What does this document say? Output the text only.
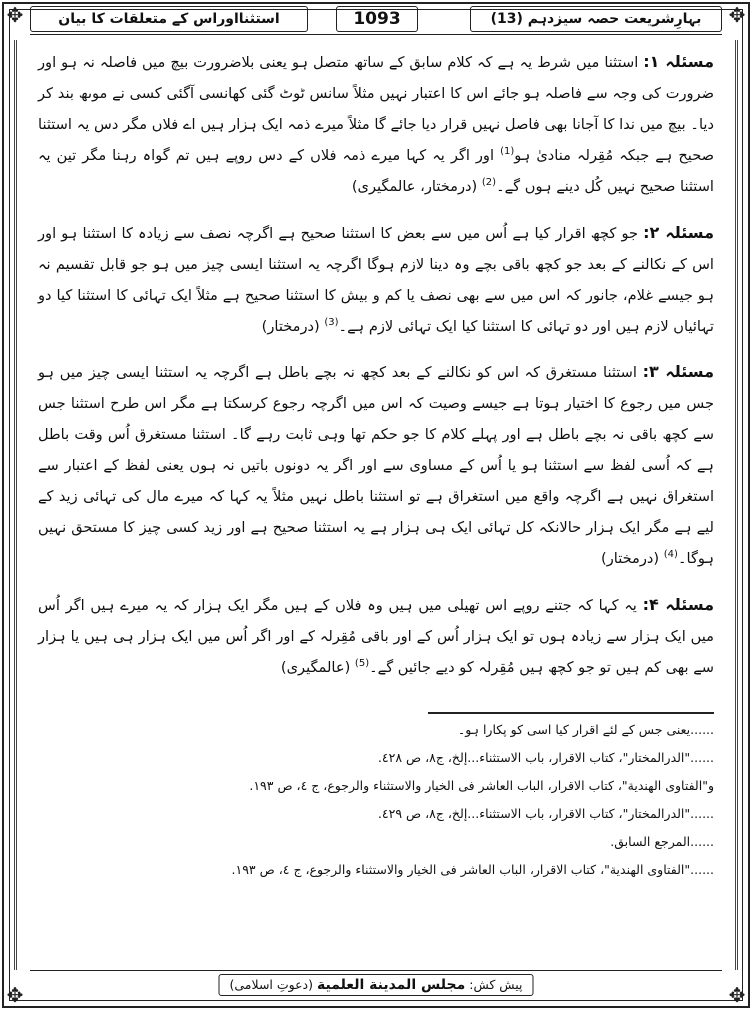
✥	✥
✥	✥
بہارِشریعت حصہ سیزدہم (13)
1093
استثنااوراس کے متعلقات کا بیان

مسئلہ ۱: استثنا میں شرط یہ ہے کہ کلام سابق کے ساتھ متصل ہو یعنی بلاضرورت بیچ میں فاصلہ نہ ہو اور ضرورت کی وجہ سے فاصلہ ہو جائے اس کا اعتبار نہیں مثلاً سانس ٹوٹ گئی کھانسی آگئی کسی نے موںھ بند کر دیا۔ بیچ میں ندا کا آجانا بھی فاصل نہیں قرار دیا جائے گا مثلاً میرے ذمہ ایک ہزار ہیں اے فلاں مگر دس یہ استثنا صحیح ہے جبکہ مُقِرلہ منادیٰ ہو$^{(1)}$ اور اگر یہ کہا میرے ذمہ فلاں کے دس روپے ہیں تم گواہ رہنا مگر تین یہ استثنا صحیح نہیں کُل دینے ہوں گے۔$^{(2)}$ (درمختار، عالمگیری)

مسئلہ ۲: جو کچھ اقرار کیا ہے اُس میں سے بعض کا استثنا صحیح ہے اگرچہ نصف سے زیادہ کا استثنا ہو اور اس کے نکالنے کے بعد جو کچھ باقی بچے وہ دینا لازم ہوگا اگرچہ یہ استثنا ایسی چیز میں ہو جو قابل تقسیم نہ ہو جیسے غلام، جانور کہ اس میں سے بھی نصف یا کم و بیش کا استثنا صحیح ہے مثلاً ایک تہائی کا استثنا کیا دو تہائیاں لازم ہیں اور دو تہائی کا استثنا کیا ایک تہائی لازم ہے۔$^{(3)}$ (درمختار)

مسئلہ ۳: استثنا مستغرق کہ اس کو نکالنے کے بعد کچھ نہ بچے باطل ہے اگرچہ یہ استثنا ایسی چیز میں ہو جس میں رجوع کا اختیار ہوتا ہے جیسے وصیت کہ اس میں اگرچہ رجوع کرسکتا ہے مگر اس طرح استثنا جس سے کچھ باقی نہ بچے باطل ہے اور پہلے کلام کا جو حکم تھا وہی ثابت رہے گا۔ استثنا مستغرق اُس وقت باطل ہے کہ اُسی لفظ سے استثنا ہو یا اُس کے مساوی سے اور اگر یہ دونوں باتیں نہ ہوں یعنی لفظ کے اعتبار سے استغراق نہیں ہے اگرچہ واقع میں استغراق ہے تو استثنا باطل نہیں مثلاً یہ کہا کہ میرے مال کی تہائی زید کے لیے ہے مگر ایک ہزار حالانکہ کل تہائی ایک ہی ہزار ہے یہ استثنا صحیح ہے اور زید کسی چیز کا مستحق نہیں ہوگا۔$^{(4)}$ (درمختار)

مسئلہ ۴: یہ کہا کہ جتنے روپے اس تھیلی میں ہیں وہ فلاں کے ہیں مگر ایک ہزار کہ یہ میرے ہیں اگر اُس میں ایک ہزار سے زیادہ ہوں تو ایک ہزار اُس کے اور باقی مُقِرلہ کے اور اگر اُس میں ایک ہزار ہی ہیں یا ہزار سے بھی کم ہیں تو جو کچھ ہیں مُقِرلہ کو دیے جائیں گے۔$^{(5)}$ (عالمگیری)

......یعنی جس کے لئے اقرار کیا اسی کو پکارا ہو۔
......"الدرالمختار"، کتاب الاقرار، باب الاستثناء...إلخ، ج۸، ص ٤٢٨.
و"الفتاوی الهندیة"، کتاب الاقرار، الباب العاشر فی الخیار والاستثناء والرجوع، ج ٤، ص ١٩٣.
......"الدرالمختار"، کتاب الاقرار، باب الاستثناء...إلخ، ج۸، ص ٤٢٩.
......المرجع السابق.
......"الفتاوی الهندیة"، کتاب الاقرار، الباب العاشر فی الخیار والاستثناء والرجوع، ج ٤، ص ١٩٣.
پیش کش: مجلس المدینة العلمیة (دعوتِ اسلامی)
